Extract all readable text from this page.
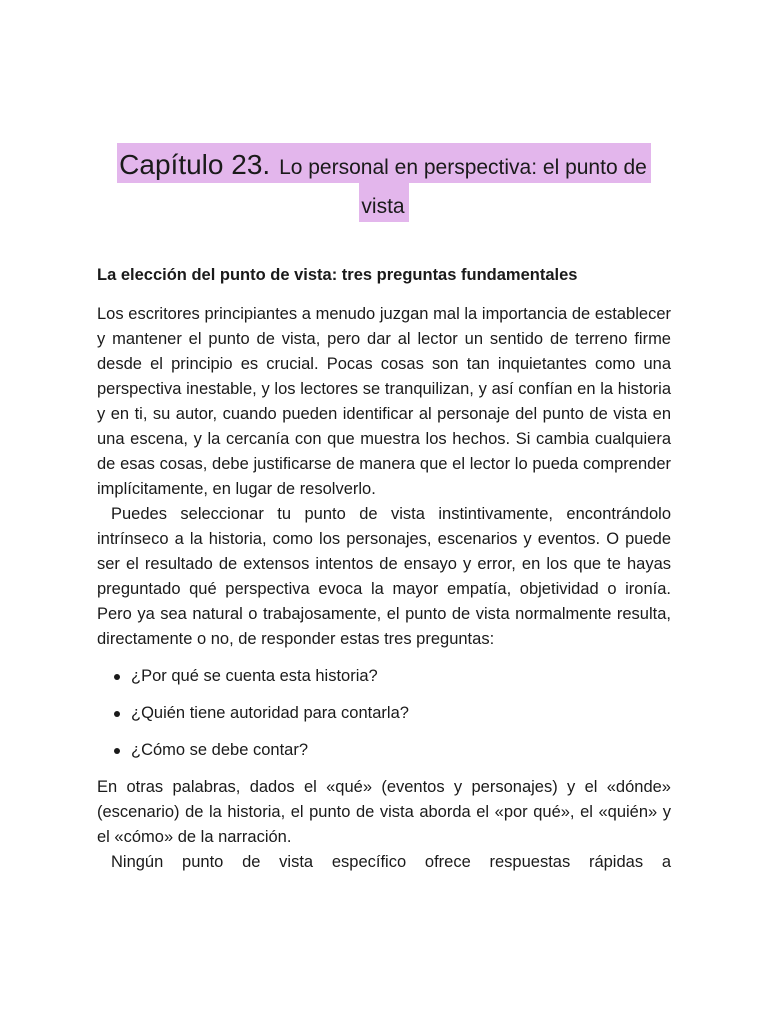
Capítulo 23. Lo personal en perspectiva: el punto de vista
La elección del punto de vista: tres preguntas fundamentales

Los escritores principiantes a menudo juzgan mal la importancia de establecer y mantener el punto de vista, pero dar al lector un sentido de terreno firme desde el principio es crucial. Pocas cosas son tan inquietantes como una perspectiva inestable, y los lectores se tranquilizan, y así confían en la historia y en ti, su autor, cuando pueden identificar al personaje del punto de vista en una escena, y la cercanía con que muestra los hechos. Si cambia cualquiera de esas cosas, debe justificarse de manera que el lector lo pueda comprender implícitamente, en lugar de resolverlo.

Puedes seleccionar tu punto de vista instintivamente, encontrándolo intrínseco a la historia, como los personajes, escenarios y eventos. O puede ser el resultado de extensos intentos de ensayo y error, en los que te hayas preguntado qué perspectiva evoca la mayor empatía, objetividad o ironía. Pero ya sea natural o trabajosamente, el punto de vista normalmente resulta, directamente o no, de responder estas tres preguntas:

¿Por qué se cuenta esta historia?
¿Quién tiene autoridad para contarla?
¿Cómo se debe contar?

En otras palabras, dados el «qué» (eventos y personajes) y el «dónde» (escenario) de la historia, el punto de vista aborda el «por qué», el «quién» y el «cómo» de la narración.

Ningún punto de vista específico ofrece respuestas rápidas a
